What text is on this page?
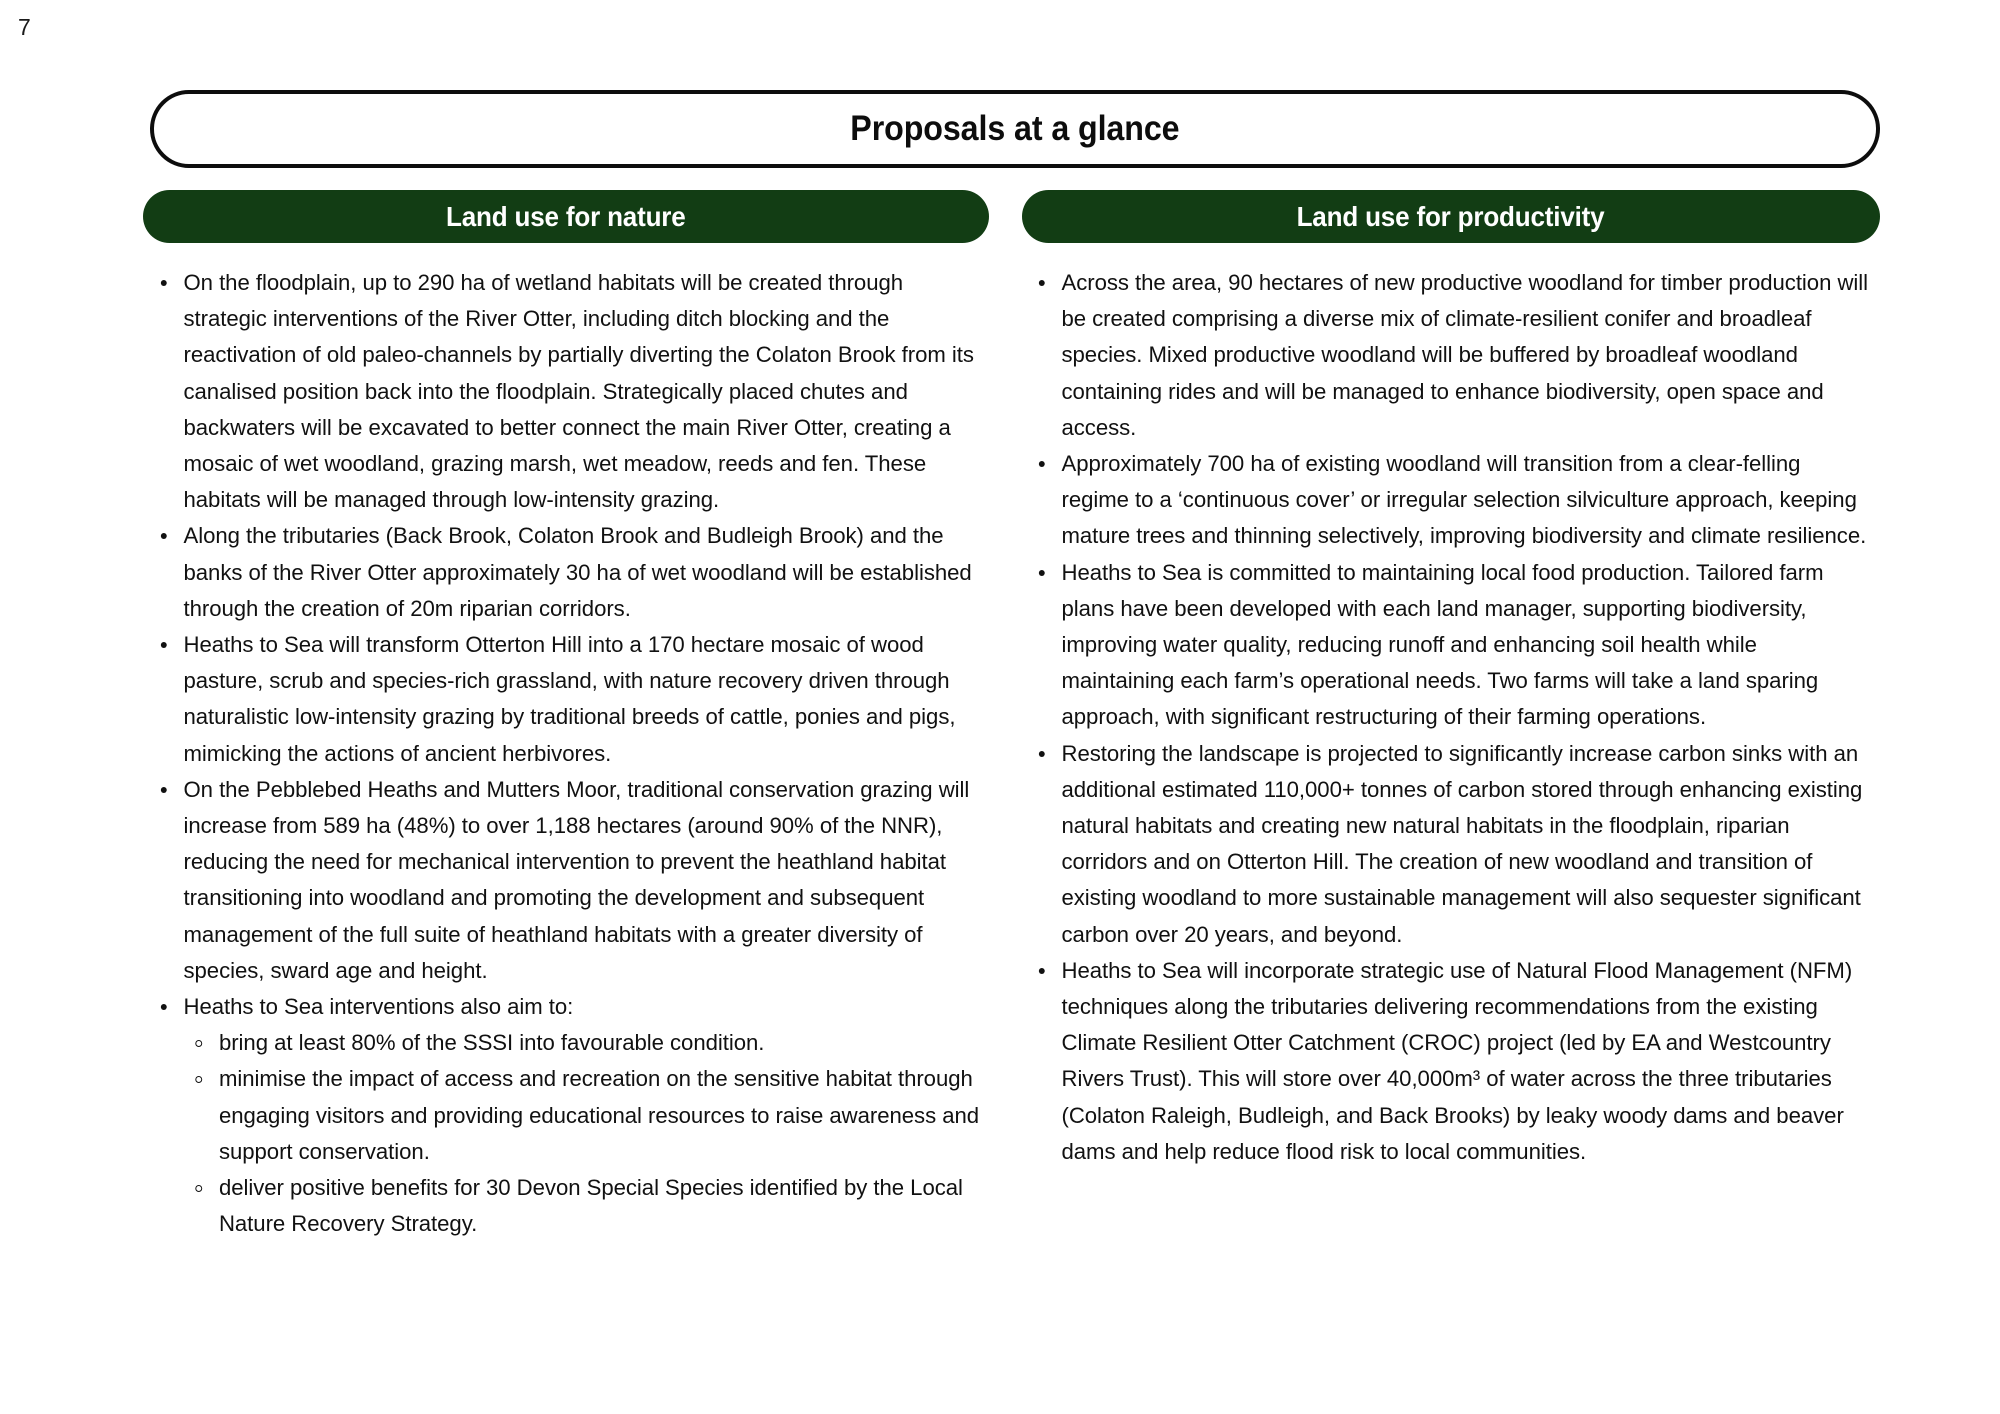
7
Proposals at a glance
Land use for nature	Land use for productivity
On the floodplain, up to 290 ha of wetland habitats will be created through strategic interventions of the River Otter, including ditch blocking and the reactivation of old paleo-channels by partially diverting the Colaton Brook from its canalised position back into the floodplain. Strategically placed chutes and backwaters will be excavated to better connect the main River Otter, creating a mosaic of wet woodland, grazing marsh, wet meadow, reeds and fen. These habitats will be managed through low-intensity grazing.
Along the tributaries (Back Brook, Colaton Brook and Budleigh Brook) and the banks of the River Otter approximately 30 ha of wet woodland will be established through the creation of 20m riparian corridors.
Heaths to Sea will transform Otterton Hill into a 170 hectare mosaic of wood pasture, scrub and species-rich grassland, with nature recovery driven through naturalistic low-intensity grazing by traditional breeds of cattle, ponies and pigs, mimicking the actions of ancient herbivores.
On the Pebblebed Heaths and Mutters Moor, traditional conservation grazing will increase from 589 ha (48%) to over 1,188 hectares (around 90% of the NNR), reducing the need for mechanical intervention to prevent the heathland habitat transitioning into woodland and promoting the development and subsequent management of the full suite of heathland habitats with a greater diversity of species, sward age and height.
Heaths to Sea interventions also aim to:
bring at least 80% of the SSSI into favourable condition.
minimise the impact of access and recreation on the sensitive habitat through engaging visitors and providing educational resources to raise awareness and support conservation.
deliver positive benefits for 30 Devon Special Species identified by the Local Nature Recovery Strategy.
Across the area, 90 hectares of new productive woodland for timber production will be created comprising a diverse mix of climate-resilient conifer and broadleaf species. Mixed productive woodland will be buffered by broadleaf woodland containing rides and will be managed to enhance biodiversity, open space and access.
Approximately 700 ha of existing woodland will transition from a clear-felling regime to a ‘continuous cover’ or irregular selection silviculture approach, keeping mature trees and thinning selectively, improving biodiversity and climate resilience.
Heaths to Sea is committed to maintaining local food production. Tailored farm plans have been developed with each land manager, supporting biodiversity, improving water quality, reducing runoff and enhancing soil health while maintaining each farm’s operational needs. Two farms will take a land sparing approach, with significant restructuring of their farming operations.
Restoring the landscape is projected to significantly increase carbon sinks with an additional estimated 110,000+ tonnes of carbon stored through enhancing existing natural habitats and creating new natural habitats in the floodplain, riparian corridors and on Otterton Hill. The creation of new woodland and transition of existing woodland to more sustainable management will also sequester significant carbon over 20 years, and beyond.
Heaths to Sea will incorporate strategic use of Natural Flood Management (NFM) techniques along the tributaries delivering recommendations from the existing Climate Resilient Otter Catchment (CROC) project (led by EA and Westcountry Rivers Trust). This will store over 40,000m³ of water across the three tributaries (Colaton Raleigh, Budleigh, and Back Brooks) by leaky woody dams and beaver dams and help reduce flood risk to local communities.
